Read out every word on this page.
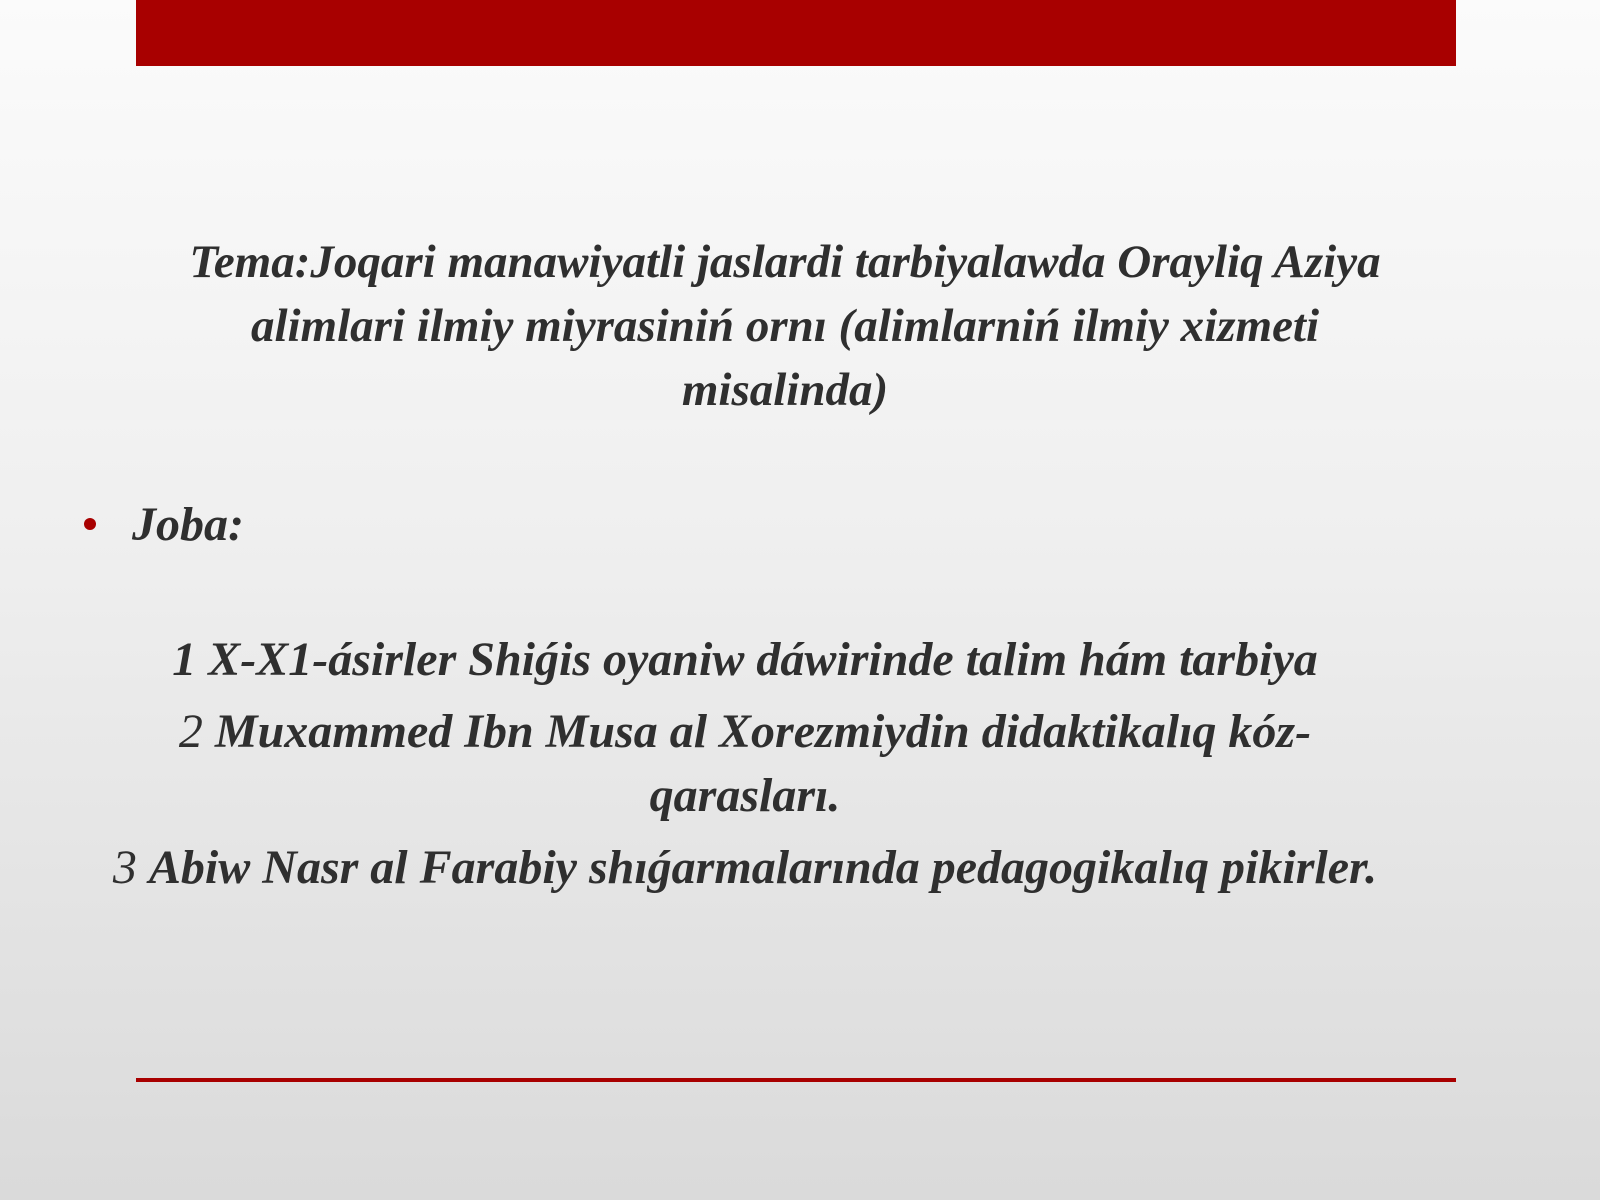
Tema:Joqari manawiyatli jaslardi tarbiyalawda Orayliq Aziya alimlari ilmiy miyrasiniń ornı (alimlarniń ilmiy xizmeti misalinda)
Joba:
1 X-X1-ásirler Shiǵis oyaniw dáwirinde talim hám tarbiya
2 Muxammed Ibn Musa al Xorezmiydin didaktikalıq kóz-qarasları.
3 Abiw Nasr al Farabiy shıǵarmalarında pedagogikalıq pikirler.
